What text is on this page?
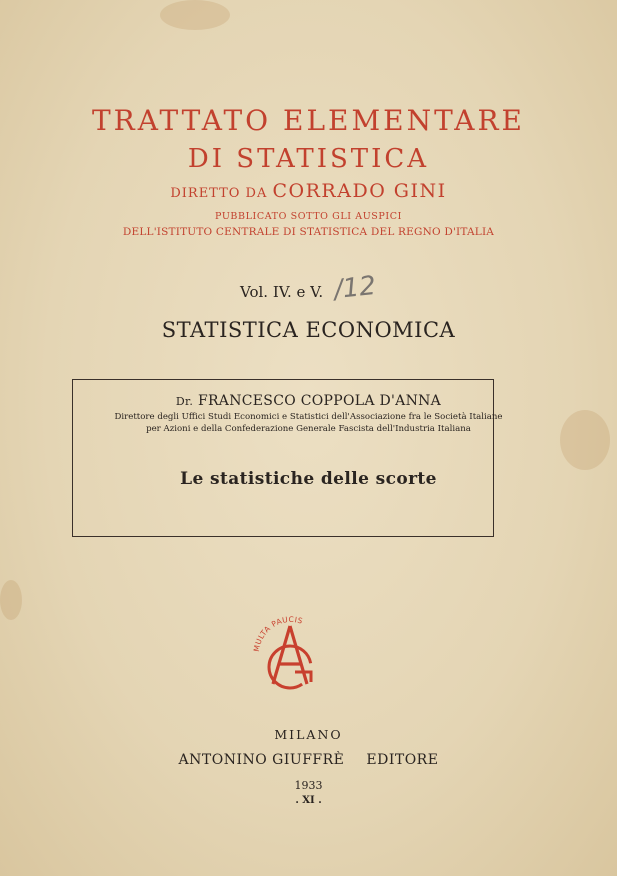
TRATTATO ELEMENTARE
DI STATISTICA
DIRETTO DA CORRADO GINI
PUBBLICATO SOTTO GLI AUSPICI
DELL'ISTITUTO CENTRALE DI STATISTICA DEL REGNO D'ITALIA
Vol. IV. e V. /12
STATISTICA ECONOMICA
Dr. FRANCESCO COPPOLA D'ANNA
Direttore degli Uffici Studi Economici e Statistici dell'Associazione fra le Società Italiane
per Azioni e della Confederazione Generale Fascista dell'Industria Italiana
Le statistiche delle scorte
MULTA PAUCIS
MILANO
ANTONINO GIUFFRÈ EDITORE
1933
. XI .
